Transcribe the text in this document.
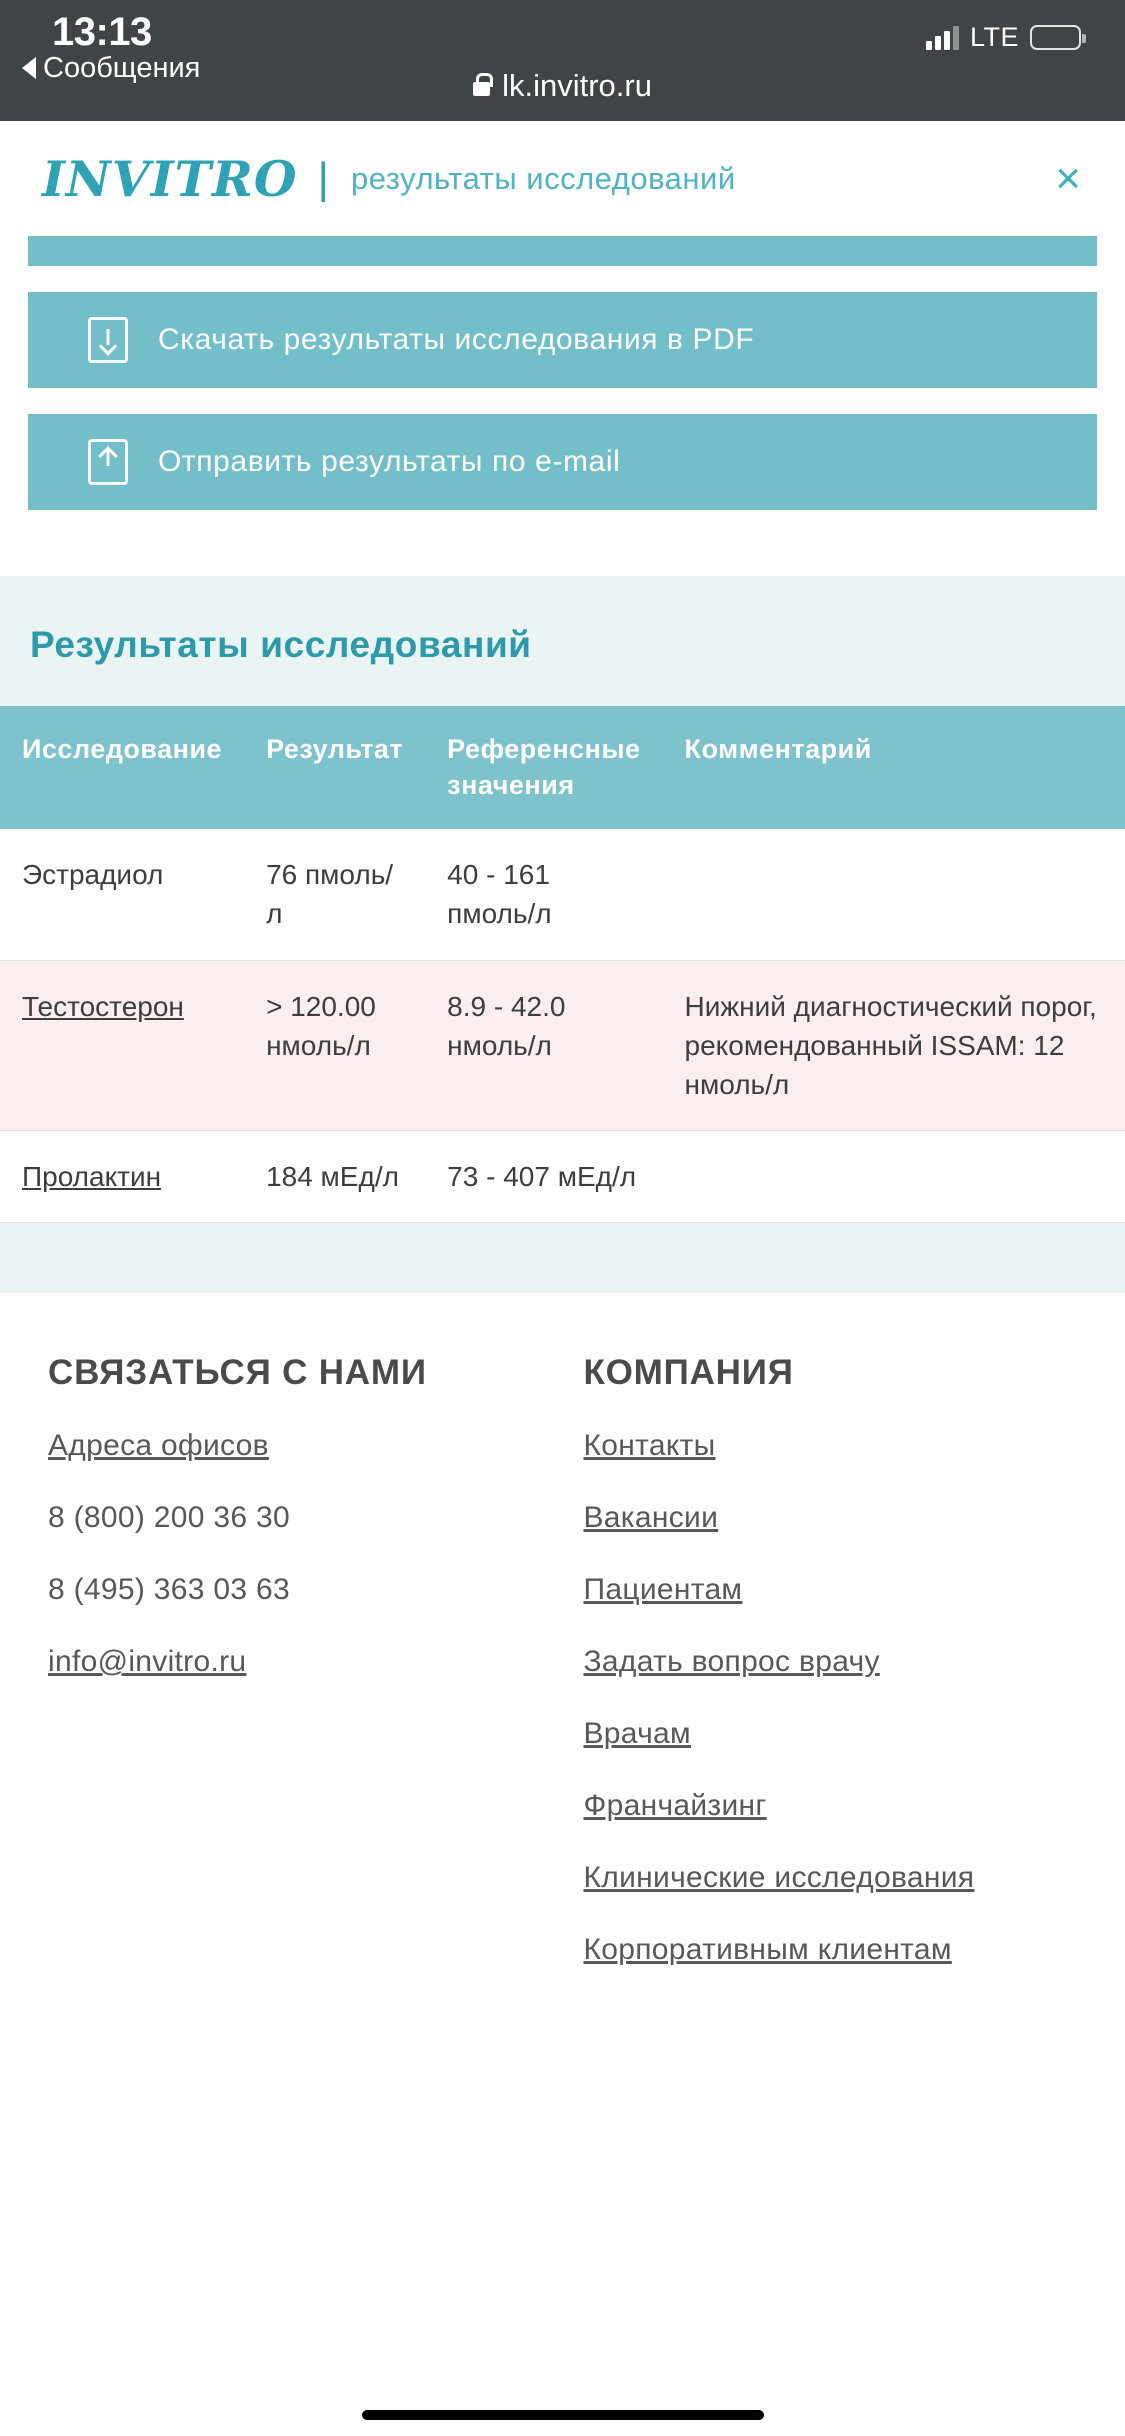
13:13
Сообщения
LTE
lk.invitro.ru
INVITRO | результаты исследований	×
Скачать результаты исследования в PDF
Отправить результаты по e-mail
Результаты исследований
Исследование	Результат	Референсные значения	Комментарий
Эстрадиол	76 пмоль/л	40 - 161 пмоль/л	
Тестостерон	> 120.00 нмоль/л	8.9 - 42.0 нмоль/л	Нижний диагностический порог, рекомендованный ISSAM: 12 нмоль/л
Пролактин	184 мЕд/л	73 - 407 мЕд/л	
СВЯЗАТЬСЯ С НАМИ
Адреса офисов
8 (800) 200 36 30
8 (495) 363 03 63
info@invitro.ru
КОМПАНИЯ
Контакты
Вакансии
Пациентам
Задать вопрос врачу
Врачам
Франчайзинг
Клинические исследования
Корпоративным клиентам
